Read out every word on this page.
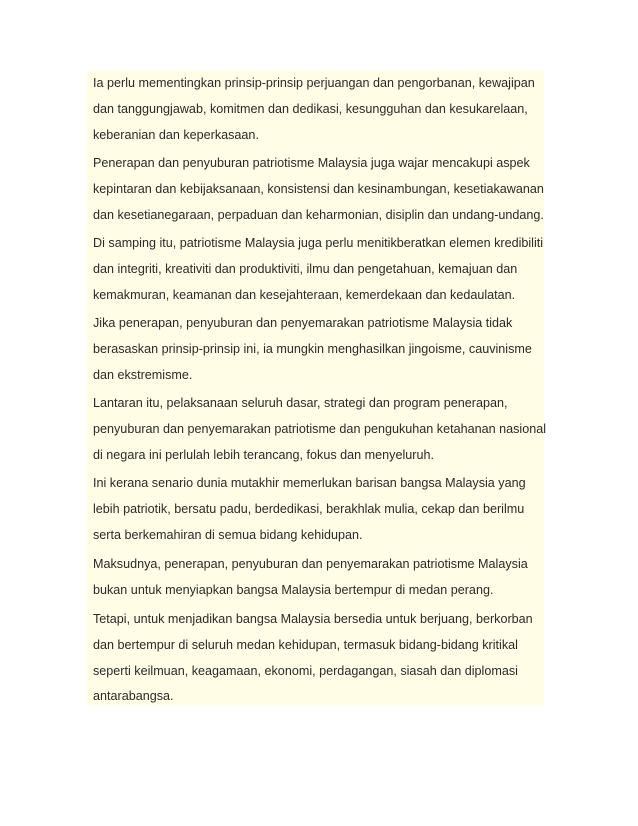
Ia perlu mementingkan prinsip-prinsip perjuangan dan pengorbanan, kewajipan
dan tanggungjawab, komitmen dan dedikasi, kesungguhan dan kesukarelaan,
keberanian dan keperkasaan.

Penerapan dan penyuburan patriotisme Malaysia juga wajar mencakupi aspek
kepintaran dan kebijaksanaan, konsistensi dan kesinambungan, kesetiakawanan
dan kesetianegaraan, perpaduan dan keharmonian, disiplin dan undang-undang.

Di samping itu, patriotisme Malaysia juga perlu menitikberatkan elemen kredibiliti
dan integriti, kreativiti dan produktiviti, ilmu dan pengetahuan, kemajuan dan
kemakmuran, keamanan dan kesejahteraan, kemerdekaan dan kedaulatan.

Jika penerapan, penyuburan dan penyemarakan patriotisme Malaysia tidak
berasaskan prinsip-prinsip ini, ia mungkin menghasilkan jingoisme, cauvinisme
dan ekstremisme.

Lantaran itu, pelaksanaan seluruh dasar, strategi dan program penerapan,
penyuburan dan penyemarakan patriotisme dan pengukuhan ketahanan nasional
di negara ini perlulah lebih terancang, fokus dan menyeluruh.

Ini kerana senario dunia mutakhir memerlukan barisan bangsa Malaysia yang
lebih patriotik, bersatu padu, berdedikasi, berakhlak mulia, cekap dan berilmu
serta berkemahiran di semua bidang kehidupan.

Maksudnya, penerapan, penyuburan dan penyemarakan patriotisme Malaysia
bukan untuk menyiapkan bangsa Malaysia bertempur di medan perang.

Tetapi, untuk menjadikan bangsa Malaysia bersedia untuk berjuang, berkorban
dan bertempur di seluruh medan kehidupan, termasuk bidang-bidang kritikal
seperti keilmuan, keagamaan, ekonomi, perdagangan, siasah dan diplomasi
antarabangsa.
